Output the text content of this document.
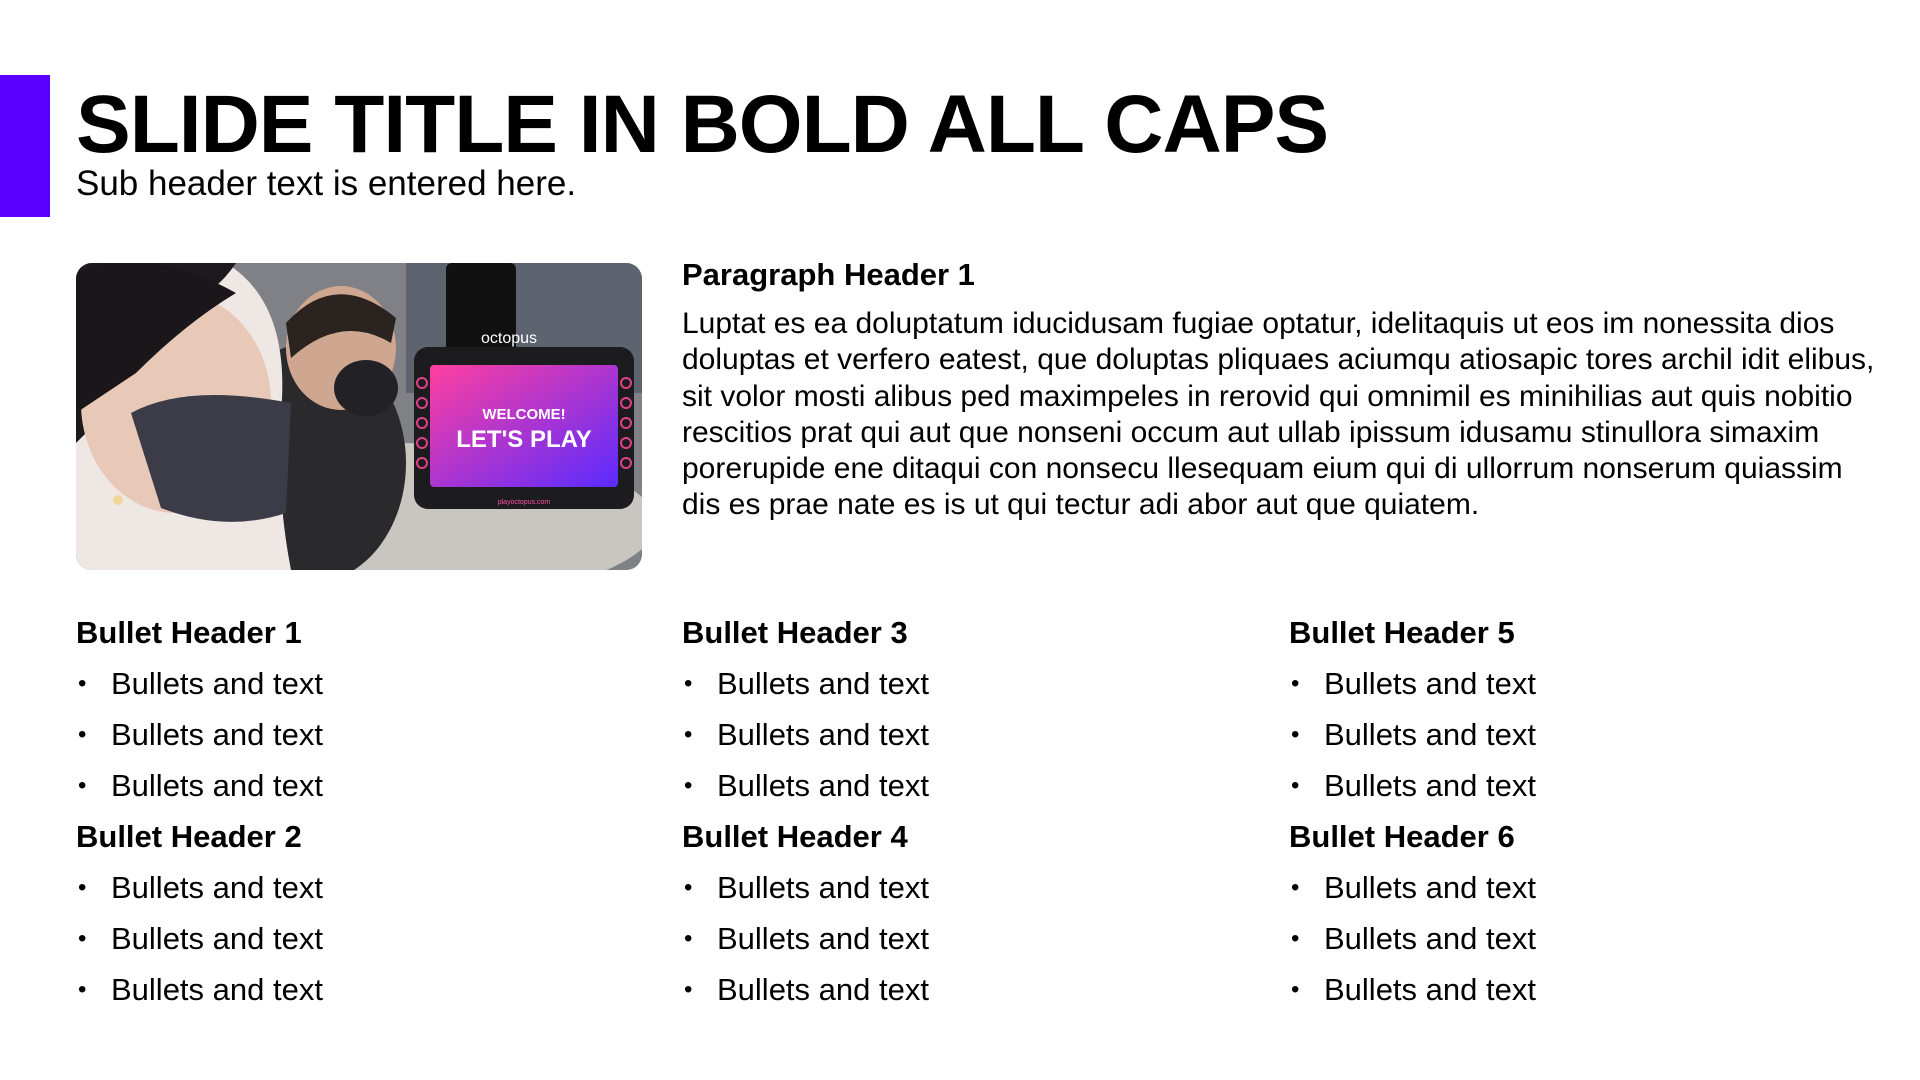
SLIDE TITLE IN BOLD ALL CAPS

Sub header text is entered here.

octopus
WELCOME!
LET'S PLAY
playoctopus.com
Paragraph Header 1

Luptat es ea doluptatum iducidusam fugiae optatur, idelitaquis ut eos im nonessita dios doluptas et verfero eatest, que doluptas pliquaes aciumqu atiosapic tores archil idit elibus, sit volor mosti alibus ped maximpeles in rerovid qui omnimil es minihilias aut quis nobitio rescitios prat qui aut que nonseni occum aut ullab ipissum idusamu stinullora simaxim porerupide ene ditaqui con nonsecu llesequam eium qui di ullorrum nonserum quiassim dis es prae nate es is ut qui tectur adi abor aut que quiatem.

Bullet Header 1
• Bullets and text
• Bullets and text
• Bullets and text
Bullet Header 2
• Bullets and text
• Bullets and text
• Bullets and text
Bullet Header 3
• Bullets and text
• Bullets and text
• Bullets and text
Bullet Header 4
• Bullets and text
• Bullets and text
• Bullets and text
Bullet Header 5
• Bullets and text
• Bullets and text
• Bullets and text
Bullet Header 6
• Bullets and text
• Bullets and text
• Bullets and text
